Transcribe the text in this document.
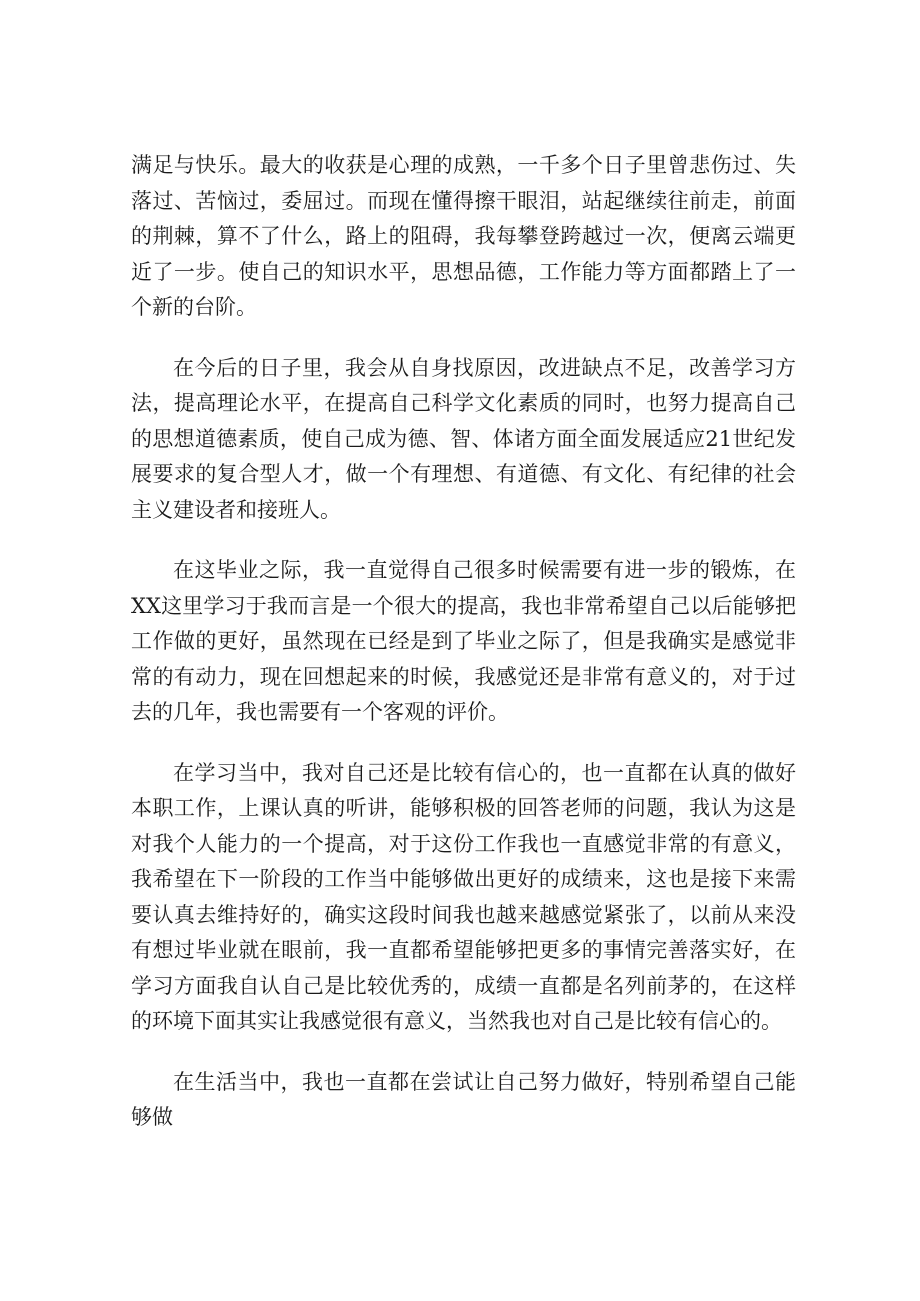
满足与快乐。最大的收获是心理的成熟，一千多个日子里曾悲伤过、失落过、苦恼过，委屈过。而现在懂得擦干眼泪，站起继续往前走，前面的荆棘，算不了什么，路上的阻碍，我每攀登跨越过一次，便离云端更近了一步。使自己的知识水平，思想品德，工作能力等方面都踏上了一个新的台阶。

在今后的日子里，我会从自身找原因，改进缺点不足，改善学习方法，提高理论水平，在提高自己科学文化素质的同时，也努力提高自己的思想道德素质，使自己成为德、智、体诸方面全面发展适应21世纪发展要求的复合型人才，做一个有理想、有道德、有文化、有纪律的社会主义建设者和接班人。

在这毕业之际，我一直觉得自己很多时候需要有进一步的锻炼，在XX这里学习于我而言是一个很大的提高，我也非常希望自己以后能够把工作做的更好，虽然现在已经是到了毕业之际了，但是我确实是感觉非常的有动力，现在回想起来的时候，我感觉还是非常有意义的，对于过去的几年，我也需要有一个客观的评价。

在学习当中，我对自己还是比较有信心的，也一直都在认真的做好本职工作，上课认真的听讲，能够积极的回答老师的问题，我认为这是对我个人能力的一个提高，对于这份工作我也一直感觉非常的有意义，我希望在下一阶段的工作当中能够做出更好的成绩来，这也是接下来需要认真去维持好的，确实这段时间我也越来越感觉紧张了，以前从来没有想过毕业就在眼前，我一直都希望能够把更多的事情完善落实好，在学习方面我自认自己是比较优秀的，成绩一直都是名列前茅的，在这样的环境下面其实让我感觉很有意义，当然我也对自己是比较有信心的。

在生活当中，我也一直都在尝试让自己努力做好，特别希望自己能够做
